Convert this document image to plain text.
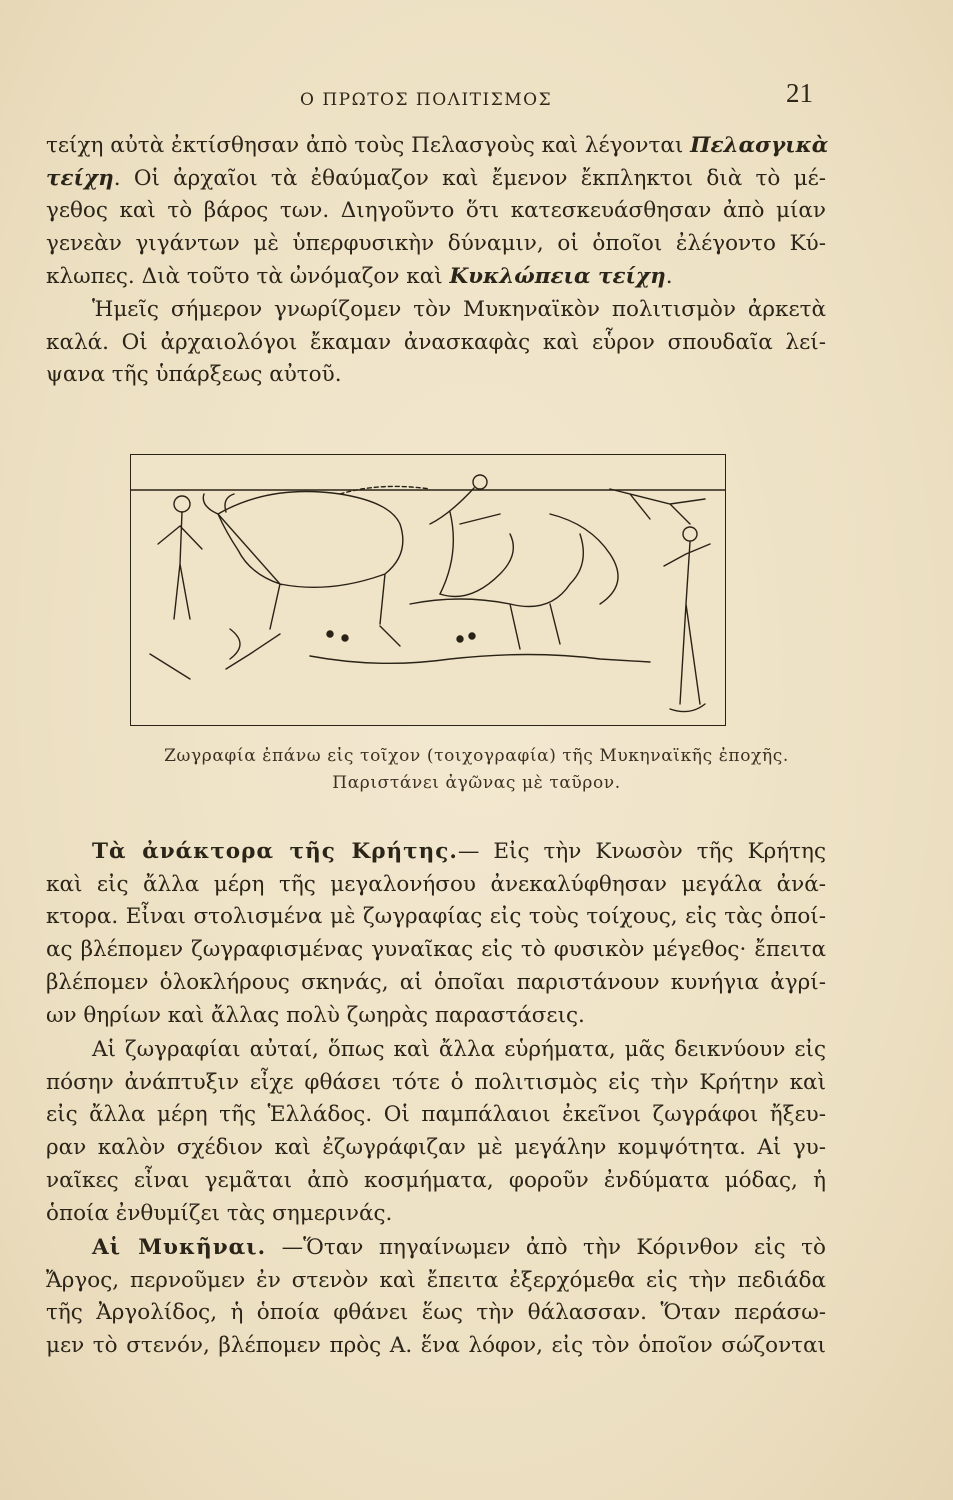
Ο ΠΡΩΤΟΣ ΠΟΛΙΤΙΣΜΟΣ	21
τείχη αὐτὰ ἐκτίσθησαν ἀπὸ τοὺς Πελασγοὺς καὶ λέγονται Πελασγικὰ
τείχη. Οἱ ἀρχαῖοι τὰ ἐθαύμαζον καὶ ἔμενον ἔκπληκτοι διὰ τὸ μέ-
γεθος καὶ τὸ βάρος των. Διηγοῦντο ὅτι κατεσκευάσθησαν ἀπὸ μίαν
γενεὰν γιγάντων μὲ ὑπερφυσικὴν δύναμιν, οἱ ὁποῖοι ἐλέγοντο Κύ-
κλωπες. Διὰ τοῦτο τὰ ὠνόμαζον καὶ Κυκλώπεια τείχη.
Ἡμεῖς σήμερον γνωρίζομεν τὸν Μυκηναϊκὸν πολιτισμὸν ἀρκετὰ
καλά. Οἱ ἀρχαιολόγοι ἔκαμαν ἀνασκαφὰς καὶ εὗρον σπουδαῖα λεί-
ψανα τῆς ὑπάρξεως αὐτοῦ.
Ζωγραφία ἐπάνω εἰς τοῖχον (τοιχογραφία) τῆς Μυκηναϊκῆς ἐποχῆς.
Παριστάνει ἀγῶνας μὲ ταῦρον.
Τὰ ἀνάκτορα τῆς Κρήτης.— Εἰς τὴν Κνωσὸν τῆς Κρήτης
καὶ εἰς ἄλλα μέρη τῆς μεγαλονήσου ἀνεκαλύφθησαν μεγάλα ἀνά-
κτορα. Εἶναι στολισμένα μὲ ζωγραφίας εἰς τοὺς τοίχους, εἰς τὰς ὁποί-
ας βλέπομεν ζωγραφισμένας γυναῖκας εἰς τὸ φυσικὸν μέγεθος· ἔπειτα
βλέπομεν ὁλοκλήρους σκηνάς, αἱ ὁποῖαι παριστάνουν κυνήγια ἀγρί-
ων θηρίων καὶ ἄλλας πολὺ ζωηρὰς παραστάσεις.
Αἱ ζωγραφίαι αὐταί, ὅπως καὶ ἄλλα εὑρήματα, μᾶς δεικνύουν εἰς
πόσην ἀνάπτυξιν εἶχε φθάσει τότε ὁ πολιτισμὸς εἰς τὴν Κρήτην καὶ
εἰς ἄλλα μέρη τῆς Ἑλλάδος. Οἱ παμπάλαιοι ἐκεῖνοι ζωγράφοι ἤξευ-
ραν καλὸν σχέδιον καὶ ἐζωγράφιζαν μὲ μεγάλην κομψότητα. Αἱ γυ-
ναῖκες εἶναι γεμᾶται ἀπὸ κοσμήματα, φοροῦν ἐνδύματα μόδας, ἡ
ὁποία ἐνθυμίζει τὰς σημερινάς.
Αἱ Μυκῆναι. —Ὅταν πηγαίνωμεν ἀπὸ τὴν Κόρινθον εἰς τὸ
Ἄργος, περνοῦμεν ἐν στενὸν καὶ ἔπειτα ἐξερχόμεθα εἰς τὴν πεδιάδα
τῆς Ἀργολίδος, ἡ ὁποία φθάνει ἕως τὴν θάλασσαν. Ὅταν περάσω-
μεν τὸ στενόν, βλέπομεν πρὸς Α. ἕνα λόφον, εἰς τὸν ὁποῖον σώζονται
